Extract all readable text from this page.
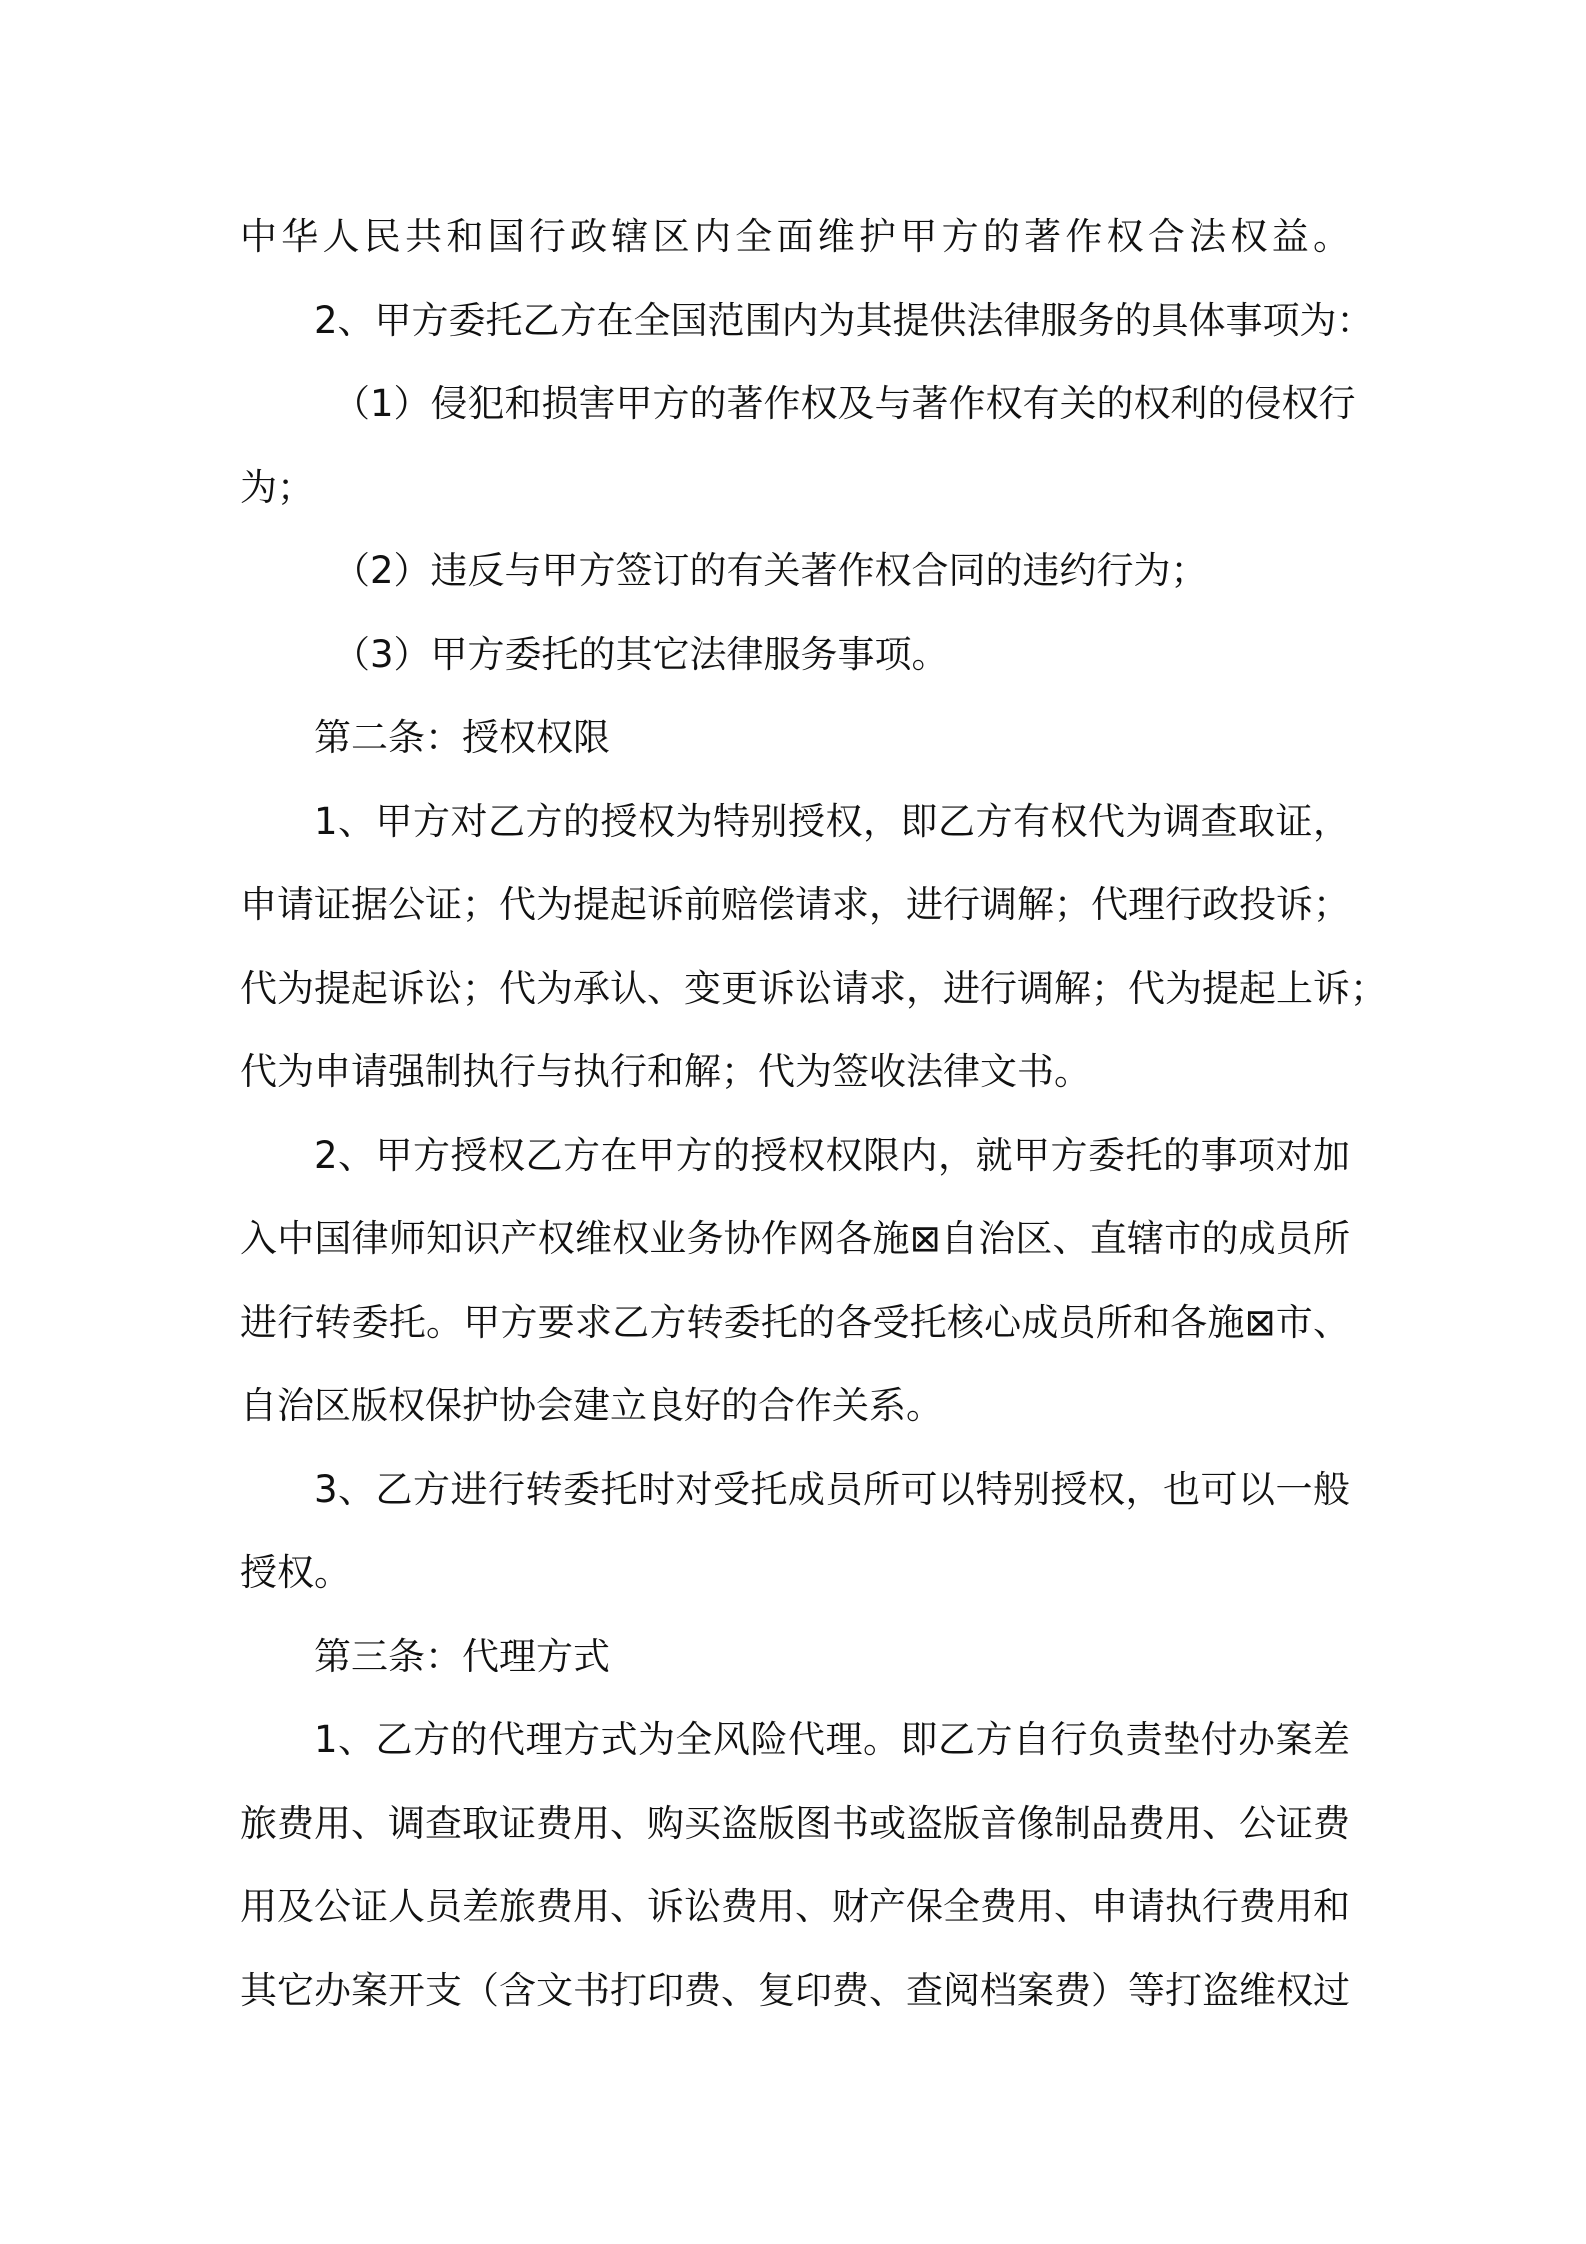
中华人民共和国行政辖区内全面维护甲方的著作权合法权益。
2、甲方委托乙方在全国范围内为其提供法律服务的具体事项为：
（1）侵犯和损害甲方的著作权及与著作权有关的权利的侵权行
为；
（2）违反与甲方签订的有关著作权合同的违约行为；
（3）甲方委托的其它法律服务事项。
第二条：授权权限
1、甲方对乙方的授权为特别授权，即乙方有权代为调查取证，
申请证据公证；代为提起诉前赔偿请求，进行调解；代理行政投诉；
代为提起诉讼；代为承认、变更诉讼请求，进行调解；代为提起上诉；
代为申请强制执行与执行和解；代为签收法律文书。
2、甲方授权乙方在甲方的授权权限内，就甲方委托的事项对加
入中国律师知识产权维权业务协作网各施⊠自治区、直辖市的成员所
进行转委托。甲方要求乙方转委托的各受托核心成员所和各施⊠市、
自治区版权保护协会建立良好的合作关系。
3、乙方进行转委托时对受托成员所可以特别授权，也可以一般
授权。
第三条：代理方式
1、乙方的代理方式为全风险代理。即乙方自行负责垫付办案差
旅费用、调查取证费用、购买盗版图书或盗版音像制品费用、公证费
用及公证人员差旅费用、诉讼费用、财产保全费用、申请执行费用和
其它办案开支（含文书打印费、复印费、查阅档案费）等打盗维权过
